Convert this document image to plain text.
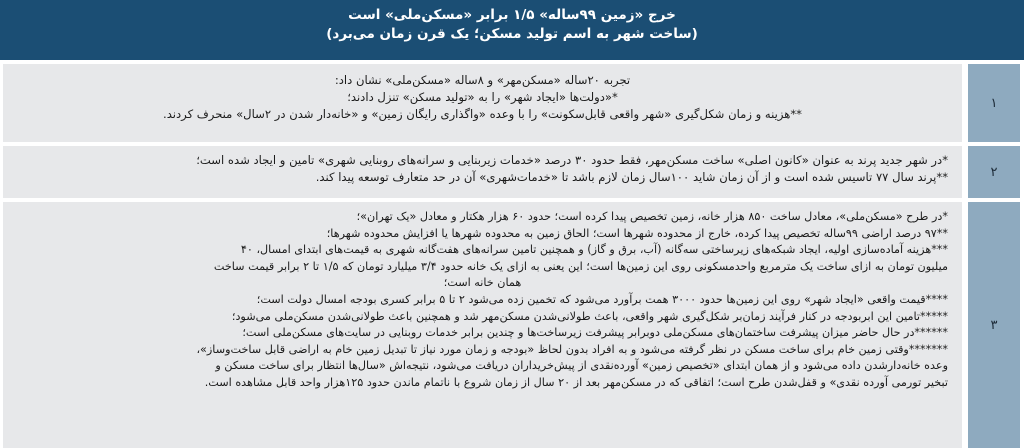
خرج «زمین ۹۹ساله» ۱/۵ برابر «مسکن‌ملی» است
(ساخت شهر به اسم تولید مسکن؛ یک قرن زمان می‌برد)
۱

تجربه ۲۰ساله «مسکن‌مهر» و ۸ساله «مسکن‌ملی» نشان داد:

*«دولت‌ها «ایجاد شهر» را به «تولید مسکن» تنزل دادند؛

**هزینه و زمان شکل‌گیری «شهر واقعی قابل‌سکونت» را با وعده «واگذاری رایگان زمین» و «خانه‌دار شدن در ۲سال» منحرف کردند.

۲

*در شهر جدید پرند به عنوان «کانون اصلی» ساخت مسکن‌مهر، فقط حدود ۳۰ درصد «خدمات زیربنایی و سرانه‌های روبنایی شهری» تامین و ایجاد شده است؛

**پرند سال ۷۷ تاسیس شده است و از آن زمان شاید ۱۰۰سال زمان لازم باشد تا «خدمات‌شهری» آن در حد متعارف توسعه پیدا کند.

۳

*در طرح «مسکن‌ملی»، معادل ساخت ۸۵۰ هزار خانه، زمین تخصیص پیدا کرده است؛ حدود ۶۰ هزار هکتار و معادل «یک تهران»؛

**۹۷ درصد اراضی ۹۹ساله تخصیص پیدا کرده، خارج از محدوده شهرها است؛ الحاق زمین به محدوده شهرها یا افزایش محدوده شهرها؛

***هزینه آماده‌سازی اولیه، ایجاد شبکه‌های زیرساختی سه‌گانه (آب، برق و گاز) و همچنین تامین سرانه‌های هفت‌گانه شهری به قیمت‌های ابتدای امسال، ۴۰

میلیون تومان به ازای ساخت یک مترمربع واحدمسکونی روی این زمین‌ها است؛ این یعنی به ازای یک خانه حدود ۳/۴ میلیارد تومان که ۱/۵ تا ۲ برابر قیمت ساخت

همان خانه است؛

****قیمت واقعی «ایجاد شهر» روی این زمین‌ها حدود ۳۰۰۰ همت برآورد می‌شود که تخمین زده می‌شود ۲ تا ۵ برابر کسری بودجه امسال دولت است؛

*****تامین این ابربودجه در کنار فرآیند زمان‌بر شکل‌گیری شهر واقعی، باعث طولانی‌شدن مسکن‌مهر شد و همچنین باعث طولانی‌شدن مسکن‌ملی می‌شود؛

******در حال حاضر میزان پیشرفت ساختمان‌های مسکن‌ملی دوبرابر پیشرفت زیرساخت‌ها و چندین برابر خدمات روبنایی در سایت‌های مسکن‌ملی است؛

*******وقتی زمین خام برای ساخت مسکن در نظر گرفته می‌شود و به افراد بدون لحاظ «بودجه و زمان مورد نیاز تا تبدیل زمین خام به اراضی قابل ساخت‌وساز»،

وعده خانه‌دارشدن داده می‌شود و از همان ابتدای «تخصیص زمین» آورده‌نقدی از پیش‌خریداران دریافت می‌شود، نتیجه‌اش «سال‌ها انتظار برای ساخت مسکن و

تبخیر تورمی آورده نقدی» و قفل‌شدن طرح است؛ اتفاقی که در مسکن‌مهر بعد از ۲۰ سال از زمان شروع با ناتمام ماندن حدود ۱۲۵هزار واحد قابل مشاهده است.
